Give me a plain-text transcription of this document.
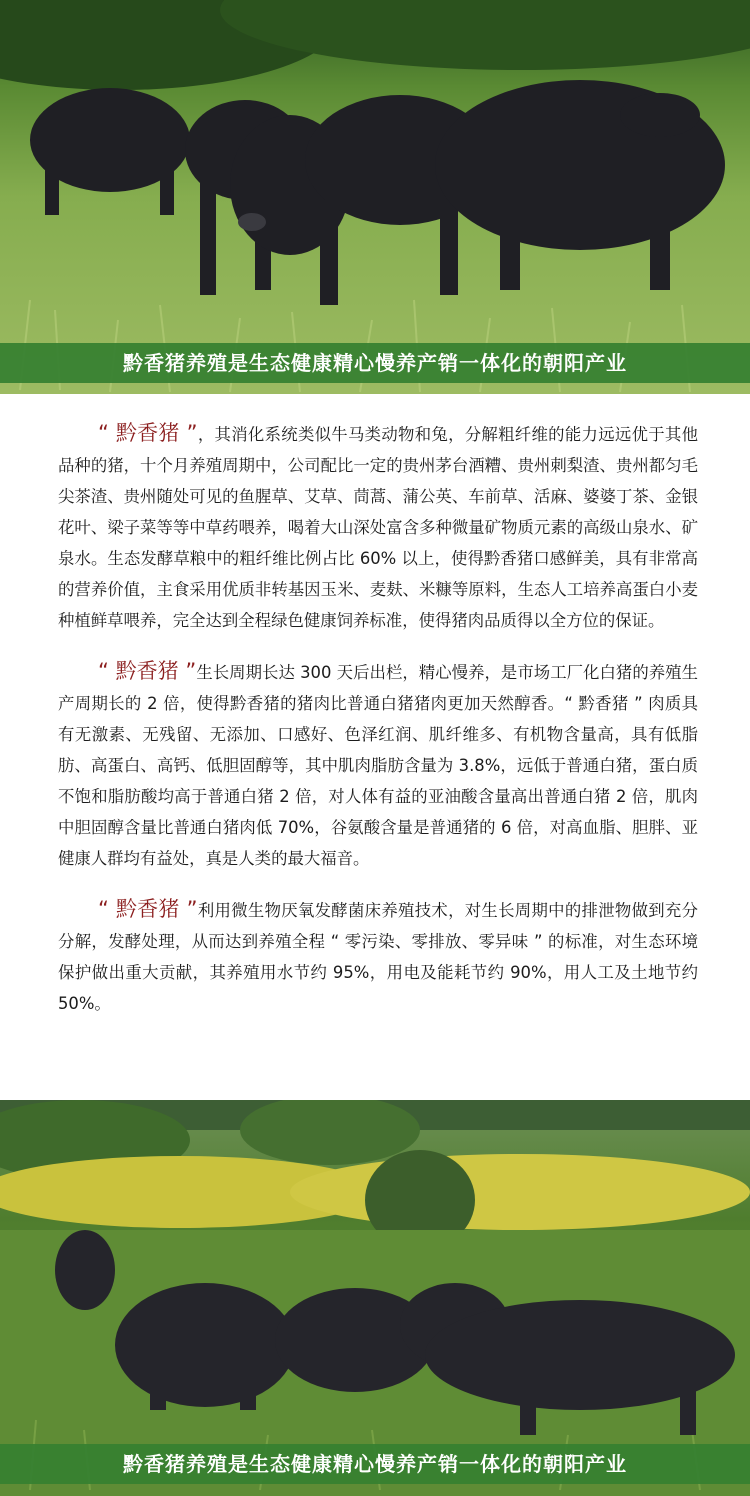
黔香猪养殖是生态健康精心慢养产销一体化的朝阳产业

“ 黔香猪 ”，其消化系统类似牛马类动物和兔，分解粗纤维的能力远远优于其他品种的猪，十个月养殖周期中，公司配比一定的贵州茅台酒糟、贵州刺梨渣、贵州都匀毛尖茶渣、贵州随处可见的鱼腥草、艾草、茼蒿、蒲公英、车前草、活麻、婆婆丁茶、金银花叶、梁子菜等等中草药喂养，喝着大山深处富含多种微量矿物质元素的高级山泉水、矿泉水。生态发酵草粮中的粗纤维比例占比 60% 以上，使得黔香猪口感鲜美，具有非常高的营养价值，主食采用优质非转基因玉米、麦麸、米糠等原料，生态人工培养高蛋白小麦种植鲜草喂养，完全达到全程绿色健康饲养标准，使得猪肉品质得以全方位的保证。

“ 黔香猪 ”生长周期长达 300 天后出栏，精心慢养，是市场工厂化白猪的养殖生产周期长的 2 倍，使得黔香猪的猪肉比普通白猪猪肉更加天然醇香。“ 黔香猪 ” 肉质具有无激素、无残留、无添加、口感好、色泽红润、肌纤维多、有机物含量高，具有低脂肪、高蛋白、高钙、低胆固醇等，其中肌肉脂肪含量为 3.8%，远低于普通白猪，蛋白质不饱和脂肪酸均高于普通白猪 2 倍，对人体有益的亚油酸含量高出普通白猪 2 倍，肌肉中胆固醇含量比普通白猪肉低 70%，谷氨酸含量是普通猪的 6 倍，对高血脂、胆胖、亚健康人群均有益处，真是人类的最大福音。

“ 黔香猪 ”利用微生物厌氧发酵菌床养殖技术，对生长周期中的排泄物做到充分分解，发酵处理，从而达到养殖全程 “ 零污染、零排放、零异味 ” 的标准，对生态环境保护做出重大贡献，其养殖用水节约 95%，用电及能耗节约 90%，用人工及土地节约 50%。

黔香猪养殖是生态健康精心慢养产销一体化的朝阳产业
